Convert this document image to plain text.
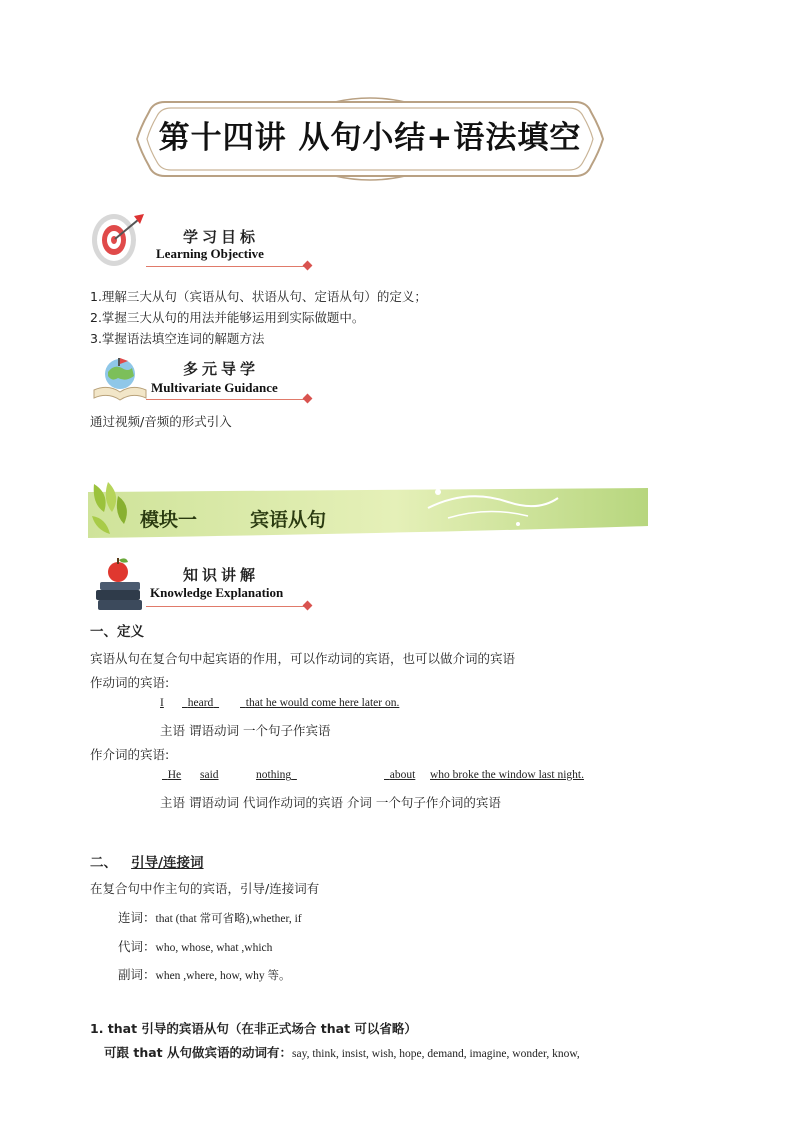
第十四讲 从句小结+语法填空
学习目标
Learning Objective
1.理解三大从句（宾语从句、状语从句、定语从句）的定义；
2.掌握三大从句的用法并能够运用到实际做题中。
3.掌握语法填空连词的解题方法
多元导学
Multivariate Guidance
通过视频/音频的形式引入
模块一	宾语从句
知识讲解
Knowledge Explanation
一、定义
宾语从句在复合句中起宾语的作用，可以作动词的宾语，也可以做介词的宾语
作动词的宾语:
I	heard	that he would come here later on.
主语 谓语动词 一个句子作宾语
作介词的宾语:
He said	nothing	about who broke the window last night.
主语 谓语动词 代词作动词的宾语 介词 一个句子作介词的宾语
二、 引导/连接词
在复合句中作主句的宾语，引导/连接词有
连词：that (that 常可省略),whether, if
代词：who, whose, what ,which
副词：when ,where, how, why 等。
1. that 引导的宾语从句（在非正式场合 that 可以省略）
可跟 that 从句做宾语的动词有：say, think, insist, wish, hope, demand, imagine, wonder, know,
